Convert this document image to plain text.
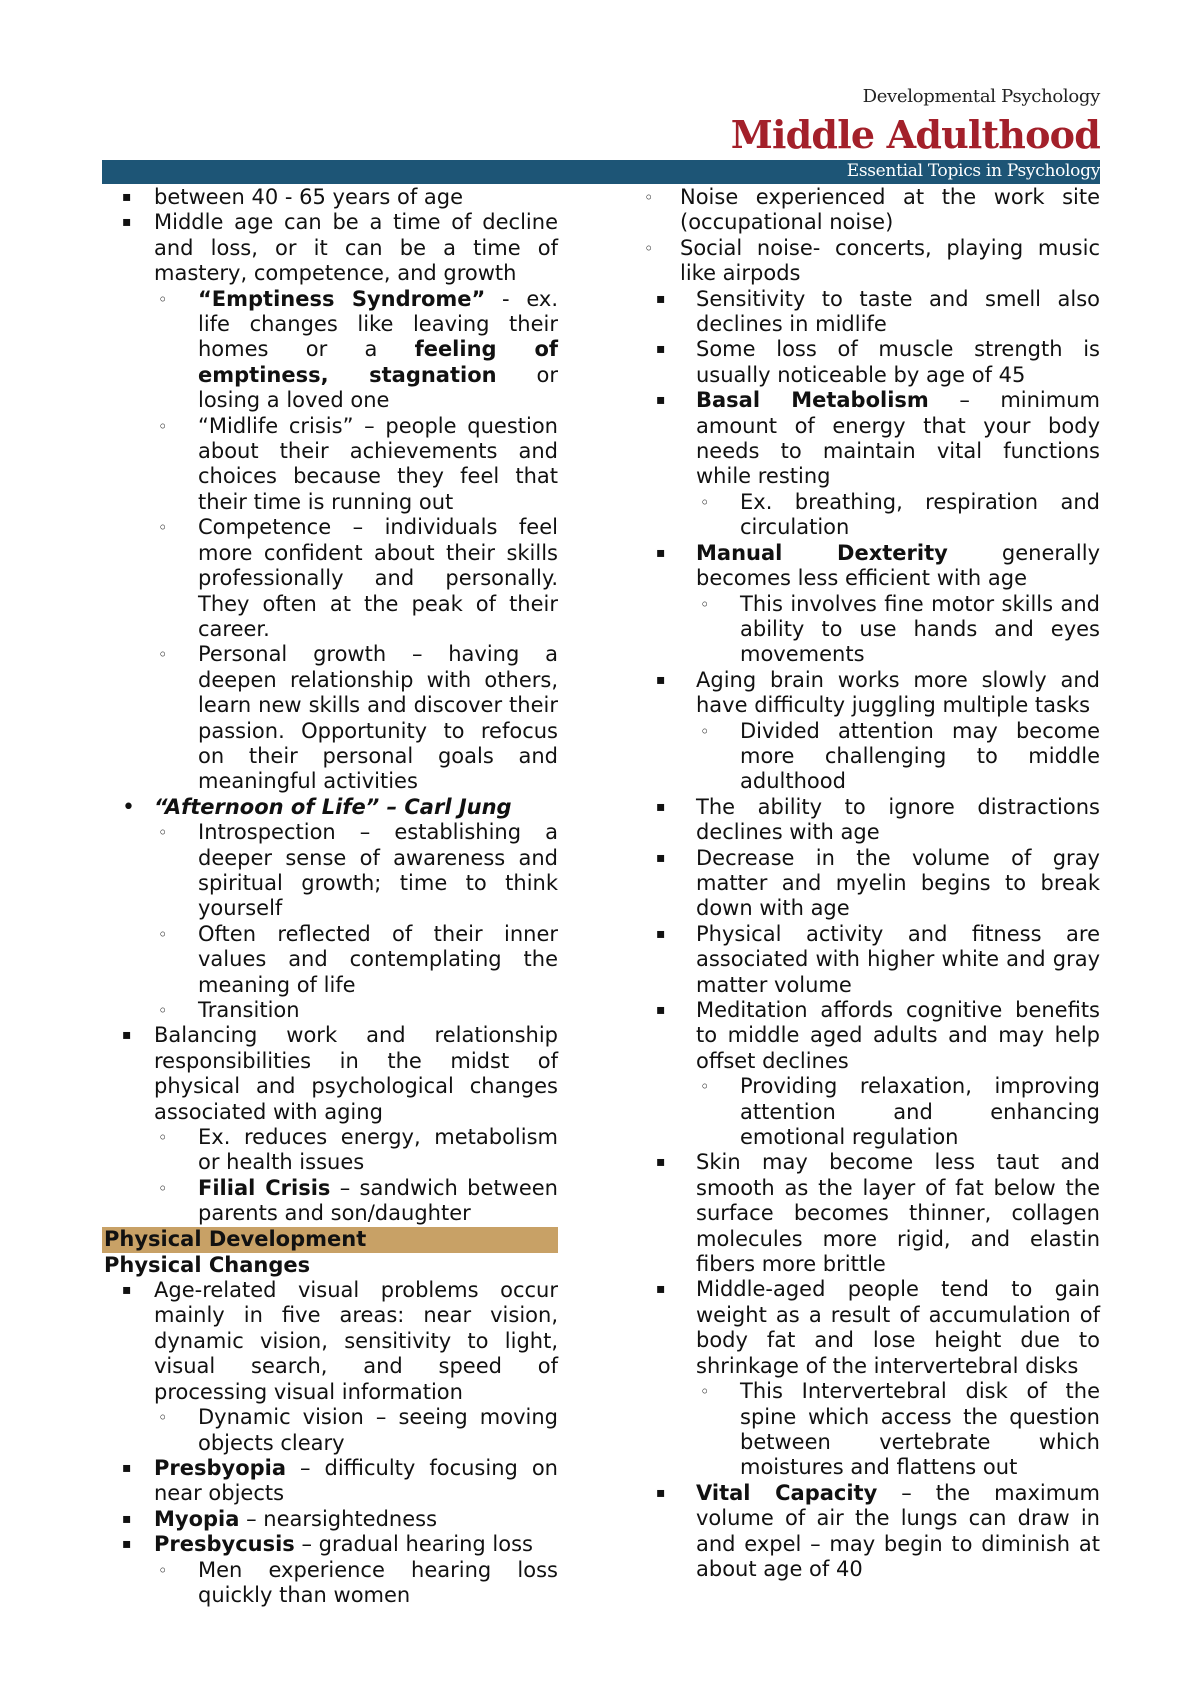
Developmental Psychology
Middle Adulthood
Essential Topics in Psychology
▪ between 40 - 65 years of age
▪ Middle age can be a time of decline and loss, or it can be a time of mastery, competence, and growth
◦ “Emptiness Syndrome” - ex. life changes like leaving their homes or a feeling of emptiness, stagnation or losing a loved one
◦ “Midlife crisis” – people question about their achievements and choices because they feel that their time is running out
◦ Competence – individuals feel more confident about their skills professionally and personally. They often at the peak of their career.
◦ Personal growth – having a deepen relationship with others, learn new skills and discover their passion. Opportunity to refocus on their personal goals and meaningful activities
• “Afternoon of Life” – Carl Jung
◦ Introspection – establishing a deeper sense of awareness and spiritual growth; time to think yourself
◦ Often reflected of their inner values and contemplating the meaning of life
◦ Transition
▪ Balancing work and relationship responsibilities in the midst of physical and psychological changes associated with aging
◦ Ex. reduces energy, metabolism or health issues
◦ Filial Crisis – sandwich between parents and son/daughter
Physical Development
Physical Changes
▪ Age-related visual problems occur mainly in five areas: near vision, dynamic vision, sensitivity to light, visual search, and speed of processing visual information
◦ Dynamic vision – seeing moving objects cleary
▪ Presbyopia – difficulty focusing on near objects
▪ Myopia – nearsightedness
▪ Presbycusis – gradual hearing loss
◦ Men experience hearing loss quickly than women
◦ Noise experienced at the work site (occupational noise)
◦ Social noise- concerts, playing music like airpods
▪ Sensitivity to taste and smell also declines in midlife
▪ Some loss of muscle strength is usually noticeable by age of 45
▪ Basal Metabolism – minimum amount of energy that your body needs to maintain vital functions while resting
◦ Ex. breathing, respiration and circulation
▪ Manual Dexterity generally becomes less efficient with age
◦ This involves fine motor skills and ability to use hands and eyes movements
▪ Aging brain works more slowly and have difficulty juggling multiple tasks
◦ Divided attention may become more challenging to middle adulthood
▪ The ability to ignore distractions declines with age
▪ Decrease in the volume of gray matter and myelin begins to break down with age
▪ Physical activity and fitness are associated with higher white and gray matter volume
▪ Meditation affords cognitive benefits to middle aged adults and may help offset declines
◦ Providing relaxation, improving attention and enhancing emotional regulation
▪ Skin may become less taut and smooth as the layer of fat below the surface becomes thinner, collagen molecules more rigid, and elastin fibers more brittle
▪ Middle-aged people tend to gain weight as a result of accumulation of body fat and lose height due to shrinkage of the intervertebral disks
◦ This Intervertebral disk of the spine which access the question between vertebrate which moistures and flattens out
▪ Vital Capacity – the maximum volume of air the lungs can draw in and expel – may begin to diminish at about age of 40
